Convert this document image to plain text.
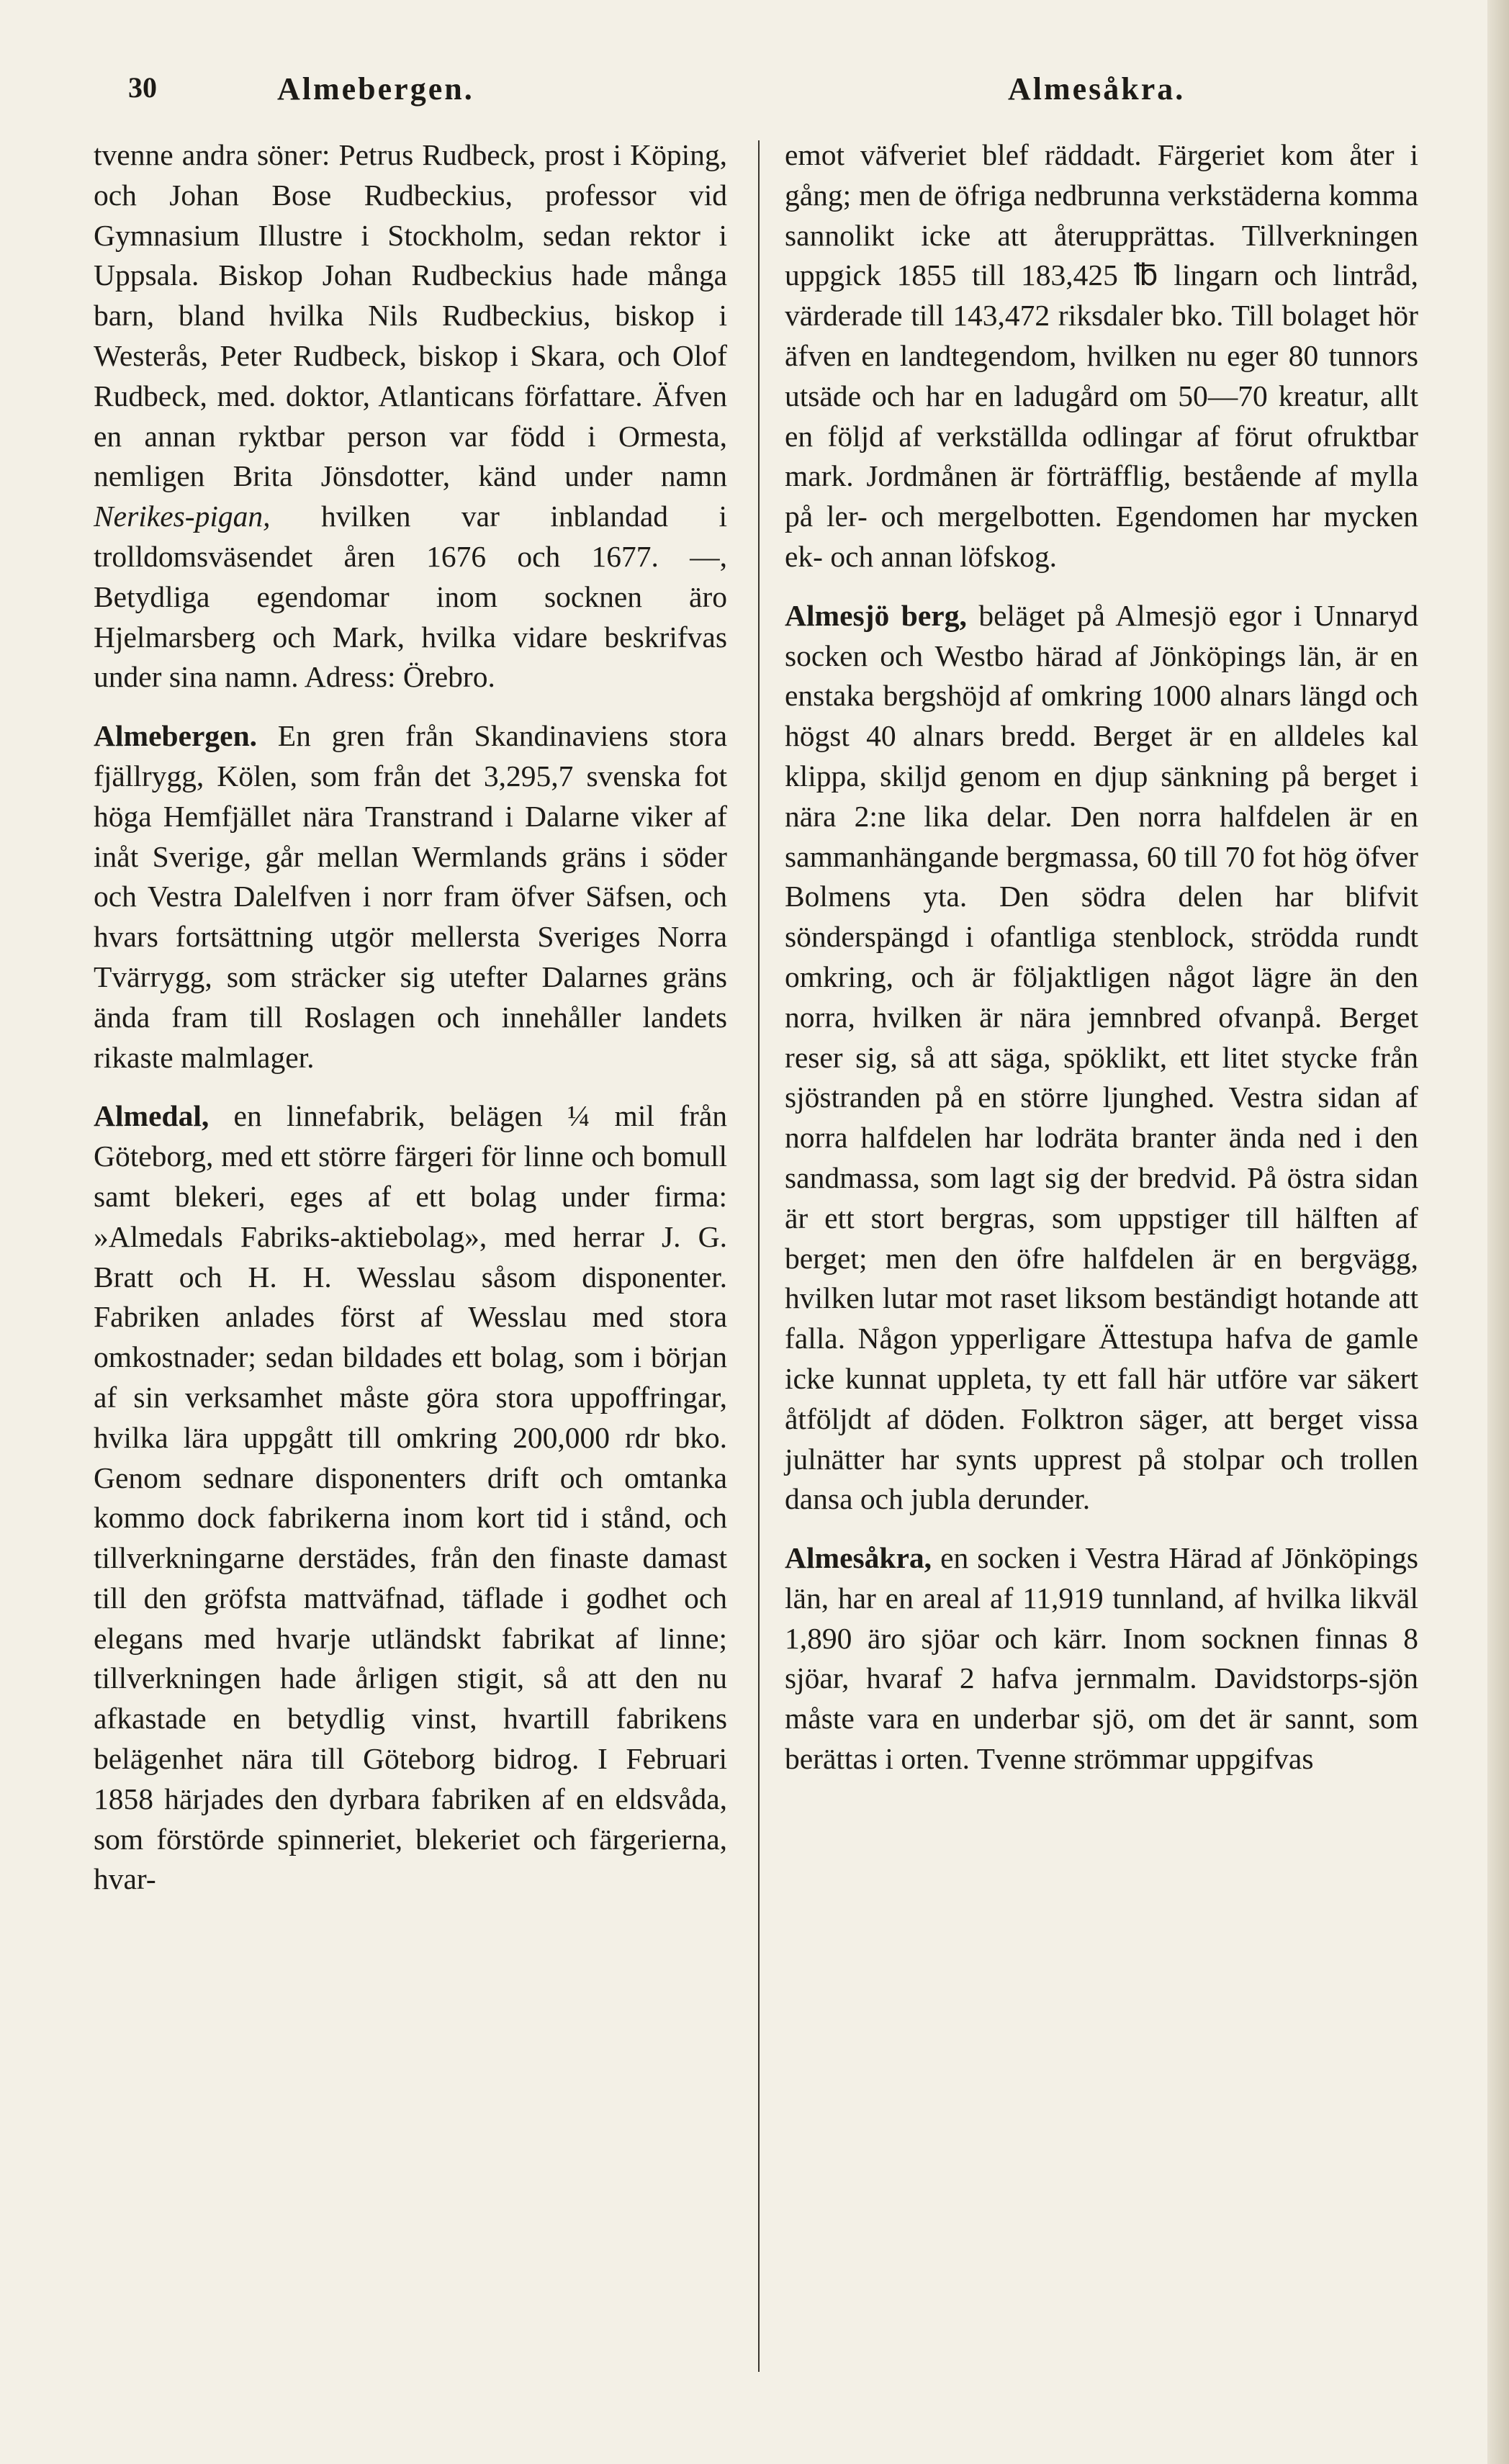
30	Almebergen.	Almesåkra.

tvenne andra söner: Petrus Rudbeck, prost i Köping, och Johan Bose Rudbeckius, professor vid Gymnasium Illustre i Stockholm, sedan rektor i Uppsala. Biskop Johan Rudbeckius hade många barn, bland hvilka Nils Rudbeckius, biskop i Westerås, Peter Rudbeck, biskop i Skara, och Olof Rudbeck, med. doktor, Atlanticans författare. Äfven en annan ryktbar person var född i Ormesta, nemligen Brita Jönsdotter, känd under namn Nerikes-pigan, hvilken var inblandad i trolldomsväsendet åren 1676 och 1677. —, Betydliga egendomar inom socknen äro Hjelmarsberg och Mark, hvilka vidare beskrifvas under sina namn. Adress: Örebro.

Almebergen. En gren från Skandinaviens stora fjällrygg, Kölen, som från det 3,295,7 svenska fot höga Hemfjället nära Transtrand i Dalarne viker af inåt Sverige, går mellan Wermlands gräns i söder och Vestra Dalelfven i norr fram öfver Säfsen, och hvars fortsättning utgör mellersta Sveriges Norra Tvärrygg, som sträcker sig utefter Dalarnes gräns ända fram till Roslagen och innehåller landets rikaste malmlager.

Almedal, en linnefabrik, belägen ¼ mil från Göteborg, med ett större färgeri för linne och bomull samt blekeri, eges af ett bolag under firma: »Almedals Fabriks-aktiebolag», med herrar J. G. Bratt och H. H. Wesslau såsom disponenter. Fabriken anlades först af Wesslau med stora omkostnader; sedan bildades ett bolag, som i början af sin verksamhet måste göra stora uppoffringar, hvilka lära uppgått till omkring 200,000 rdr bko. Genom sednare disponenters drift och omtanka kommo dock fabrikerna inom kort tid i stånd, och tillverkningarne derstädes, från den finaste damast till den gröfsta mattväfnad, täflade i godhet och elegans med hvarje utländskt fabrikat af linne; tillverkningen hade årligen stigit, så att den nu afkastade en betydlig vinst, hvartill fabrikens belägenhet nära till Göteborg bidrog. I Februari 1858 härjades den dyrbara fabriken af en eldsvåda, som förstörde spinneriet, blekeriet och färgerierna, hvar-

emot väfveriet blef räddadt. Färgeriet kom åter i gång; men de öfriga nedbrunna verkstäderna komma sannolikt icke att återupprättas. Tillverkningen uppgick 1855 till 183,425 ℔ lingarn och lintråd, värderade till 143,472 riksdaler bko. Till bolaget hör äfven en landtegendom, hvilken nu eger 80 tunnors utsäde och har en ladugård om 50—70 kreatur, allt en följd af verkställda odlingar af förut ofruktbar mark. Jordmånen är förträfflig, bestående af mylla på ler- och mergelbotten. Egendomen har mycken ek- och annan löfskog.

Almesjö berg, beläget på Almesjö egor i Unnaryd socken och Westbo härad af Jönköpings län, är en enstaka bergshöjd af omkring 1000 alnars längd och högst 40 alnars bredd. Berget är en alldeles kal klippa, skiljd genom en djup sänkning på berget i nära 2:ne lika delar. Den norra halfdelen är en sammanhängande bergmassa, 60 till 70 fot hög öfver Bolmens yta. Den södra delen har blifvit sönderspängd i ofantliga stenblock, strödda rundt omkring, och är följaktligen något lägre än den norra, hvilken är nära jemnbred ofvanpå. Berget reser sig, så att säga, spöklikt, ett litet stycke från sjöstranden på en större ljunghed. Vestra sidan af norra halfdelen har lodräta branter ända ned i den sandmassa, som lagt sig der bredvid. På östra sidan är ett stort bergras, som uppstiger till hälften af berget; men den öfre halfdelen är en bergvägg, hvilken lutar mot raset liksom beständigt hotande att falla. Någon ypperligare Ättestupa hafva de gamle icke kunnat uppleta, ty ett fall här utföre var säkert åtföljdt af döden. Folktron säger, att berget vissa julnätter har synts upprest på stolpar och trollen dansa och jubla derunder.

Almesåkra, en socken i Vestra Härad af Jönköpings län, har en areal af 11,919 tunnland, af hvilka likväl 1,890 äro sjöar och kärr. Inom socknen finnas 8 sjöar, hvaraf 2 hafva jernmalm. Davidstorps-sjön måste vara en underbar sjö, om det är sannt, som berättas i orten. Tvenne strömmar uppgifvas
